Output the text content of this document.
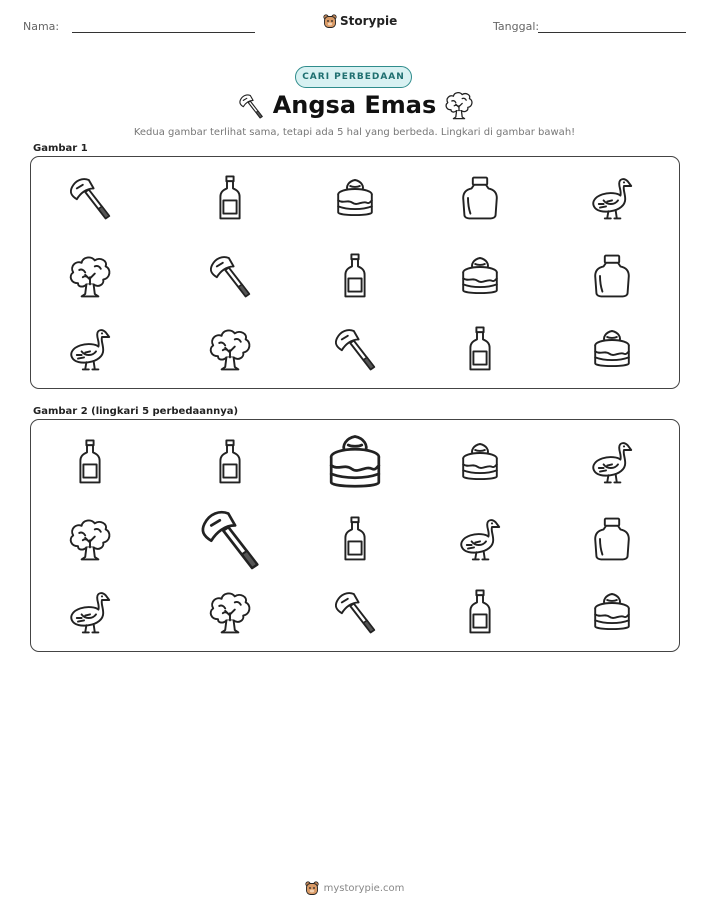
Nama:	Storypie	Tanggal:
CARI PERBEDAAN
Angsa Emas
Kedua gambar terlihat sama, tetapi ada 5 hal yang berbeda. Lingkari di gambar bawah!
Gambar 1
Gambar 2 (lingkari 5 perbedaannya)
mystorypie.com
